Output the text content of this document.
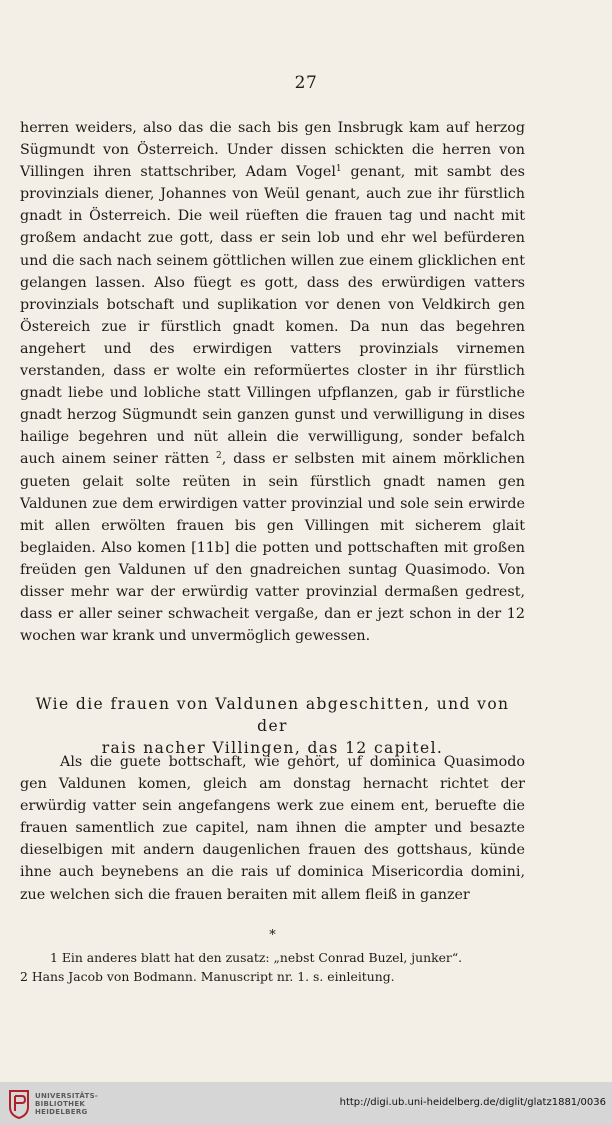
27
herren weiders, also das die sach bis gen Insbrugk kam auf herzog Sügmundt von Österreich. Under dissen schickten die herren von Villingen ihren stattschriber, Adam Vogel$^1$ genant, mit sambt des provinzials diener, Johannes von Weül genant, auch zue ihr fürstlich gnadt in Österreich. Die weil rüeften die frauen tag und nacht mit großem andacht zue gott, dass er sein lob und ehr wel befürderen und die sach nach seinem göttlichen willen zue einem glicklichen ent gelangen lassen. Also füegt es gott, dass des erwürdigen vatters provinzials botschaft und suplikation vor denen von Veldkirch gen Östereich zue ir fürstlich gnadt komen. Da nun das begehren angehert und des erwirdigen vatters provinzials virnemen verstanden, dass er wolte ein reformüertes closter in ihr fürstlich gnadt liebe und lobliche statt Villingen ufpflanzen, gab ir fürstliche gnadt herzog Sügmundt sein ganzen gunst und verwilligung in dises hailige begehren und nüt allein die verwilligung, sonder befalch auch ainem seiner rätten $^2$, dass er selbsten mit ainem mörklichen gueten gelait solte reüten in sein fürstlich gnadt namen gen Valdunen zue dem erwirdigen vatter provinzial und sole sein erwirde mit allen erwölten frauen bis gen Villingen mit sicherem glait beglaiden. Also komen [11b] die potten und pottschaften mit großen freüden gen Valdunen uf den gnadreichen suntag Quasimodo. Von disser mehr war der erwürdig vatter provinzial dermaßen gedrest, dass er aller seiner schwacheit vergaße, dan er jezt schon in der 12 wochen war krank und unvermöglich gewessen.
Wie die frauen von Valdunen abgeschitten, und von der
rais nacher Villingen, das 12 capitel.
Als die guete bottschaft, wie gehört, uf dominica Quasimodo gen Valdunen komen, gleich am donstag hernacht richtet der erwürdig vatter sein angefangens werk zue einem ent, beruefte die frauen samentlich zue capitel, nam ihnen die ampter und besazte dieselbigen mit andern daugenlichen frauen des gottshaus, künde ihne auch beynebens an die rais uf dominica Misericordia domini, zue welchen sich die frauen beraiten mit allem fleiß in ganzer
*
1 Ein anderes blatt hat den zusatz: „nebst Conrad Buzel, junker“.
2 Hans Jacob von Bodmann. Manuscript nr. 1. s. einleitung.
UNIVERSITÄTS-
BIBLIOTHEK
HEIDELBERG
http://digi.ub.uni-heidelberg.de/diglit/glatz1881/0036
